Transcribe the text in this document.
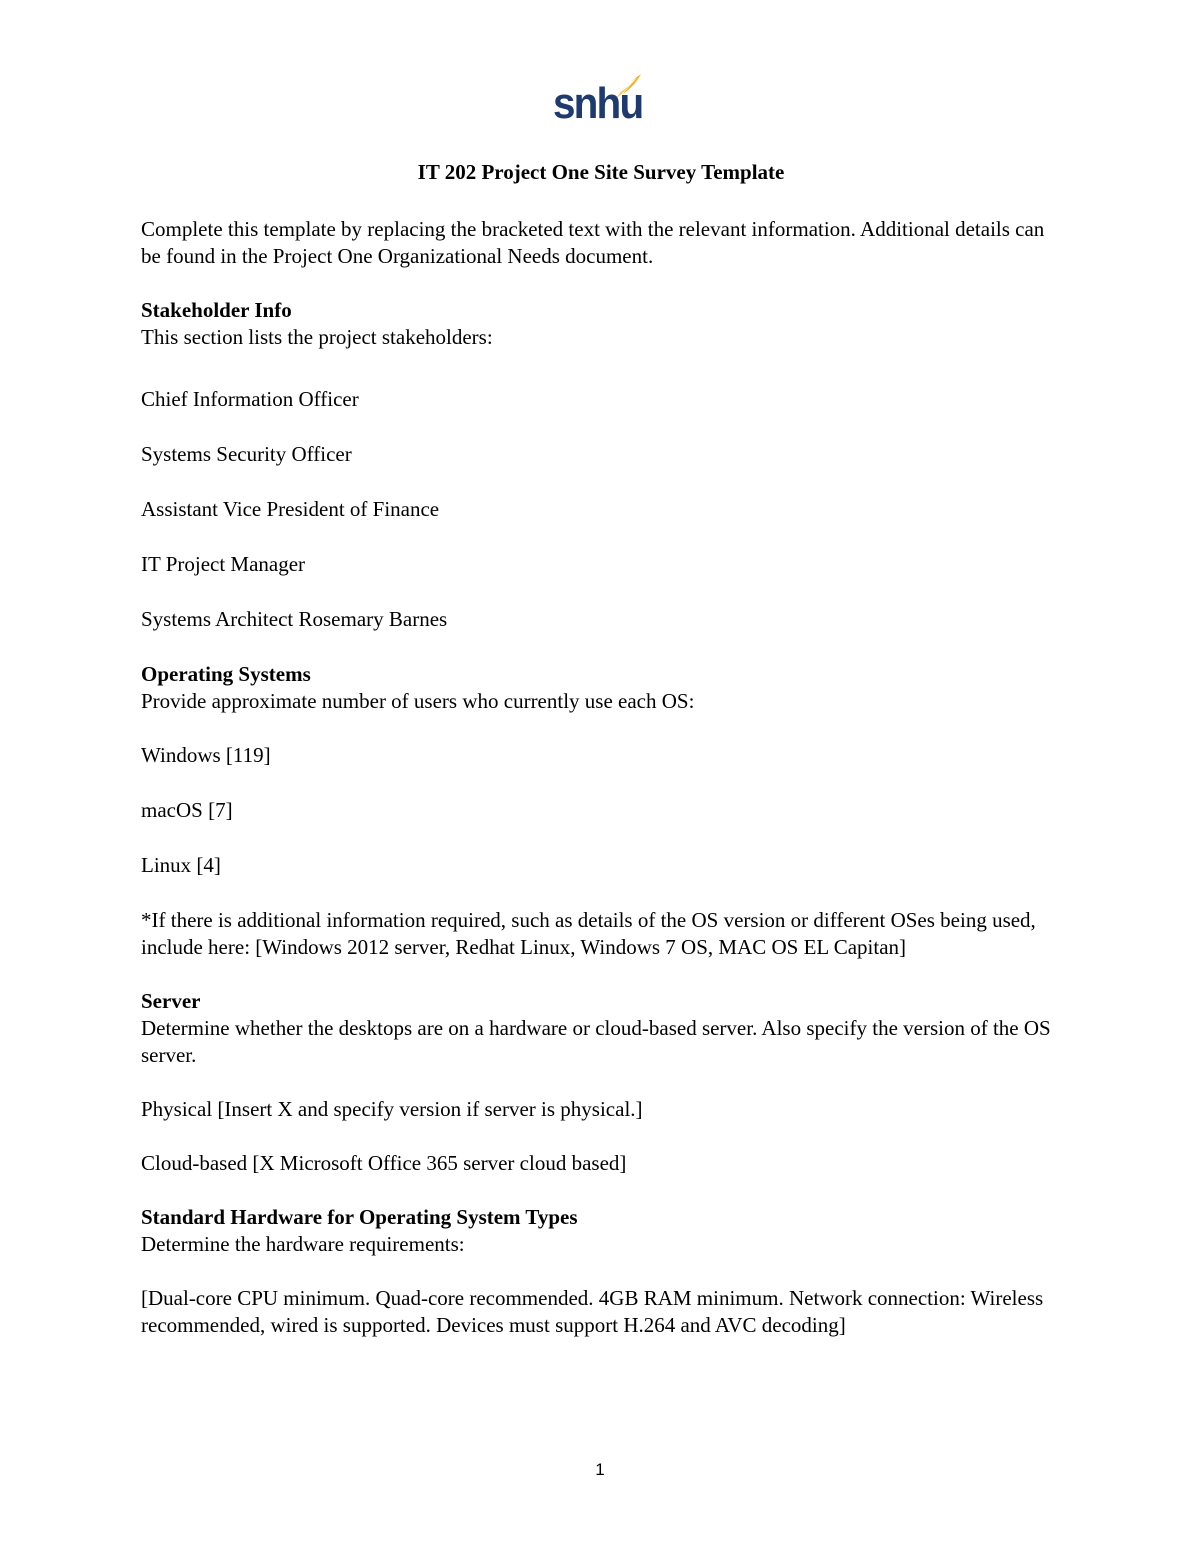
snhu
IT 202 Project One Site Survey Template

Complete this template by replacing the bracketed text with the relevant information. Additional details can be found in the Project One Organizational Needs document.

Stakeholder Info

This section lists the project stakeholders:

Chief Information Officer

Systems Security Officer

Assistant Vice President of Finance

IT Project Manager

Systems Architect Rosemary Barnes

Operating Systems

Provide approximate number of users who currently use each OS:

Windows [119]

macOS [7]

Linux [4]

*If there is additional information required, such as details of the OS version or different OSes being used, include here: [Windows 2012 server, Redhat Linux, Windows 7 OS, MAC OS EL Capitan]

Server

Determine whether the desktops are on a hardware or cloud-based server. Also specify the version of the OS server.

Physical [Insert X and specify version if server is physical.]

Cloud-based [X Microsoft Office 365 server cloud based]

Standard Hardware for Operating System Types

Determine the hardware requirements:

[Dual-core CPU minimum. Quad-core recommended. 4GB RAM minimum. Network connection: Wireless recommended, wired is supported. Devices must support H.264 and AVC decoding]

1
